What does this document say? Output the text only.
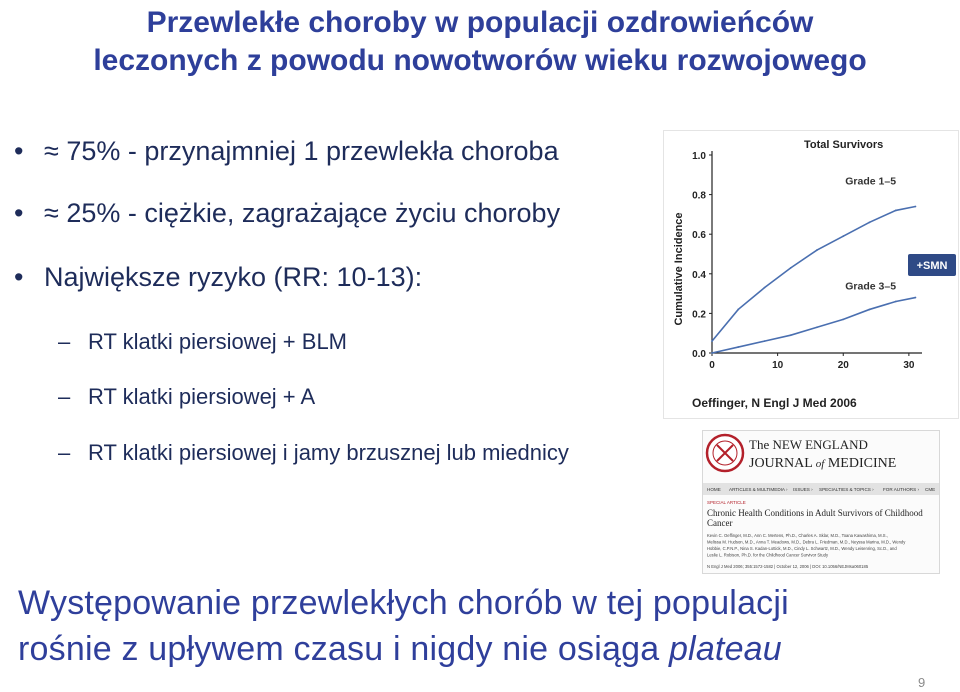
Przewlekłe choroby w populacji ozdrowieńców
leczonych z powodu nowotworów wieku rozwojowego
• ≈ 75% - przynajmniej 1 przewlekła choroba
• ≈ 25% - ciężkie, zagrażające życiu choroby
• Największe ryzyko (RR: 10-13):
– RT klatki piersiowej + BLM
– RT klatki piersiowej + A
– RT klatki piersiowej i jamy brzusznej lub miednicy
Total Survivors
Cumulative Incidence
0.0
0.2
0.4
0.6
0.8
1.0
0	10	20	30
Grade 1–5
Grade 3–5
+SMN
Oeffinger, N Engl J Med 2006
The NEW ENGLAND
JOURNAL of MEDICINE
HOME ARTICLES & MULTIMEDIA › ISSUES › SPECIALTIES & TOPICS › FOR AUTHORS › CME
SPECIAL ARTICLE
Chronic Health Conditions in Adult Survivors of Childhood Cancer
Kevin C. Oeffinger, M.D., Ann C. Mertens, Ph.D., Charles A. Sklar, M.D., Toana Kawashima, M.S.,
Melissa M. Hudson, M.D., Anna T. Meadows, M.D., Debra L. Friedman, M.D., Neyssa Marina, M.D., Wendy
Hobbie, C.P.N.P., Nina S. Kadan-Lottick, M.D., Cindy L. Schwartz, M.D., Wendy Leisenring, Sc.D., and
Leslie L. Robison, Ph.D. for the Childhood Cancer Survivor Study
N Engl J Med 2006; 355:1572-1582 | October 12, 2006 | DOI: 10.1056/NEJMsa060185
Występowanie przewlekłych chorób w tej populacji
rośnie z upływem czasu i nigdy nie osiąga plateau
9
